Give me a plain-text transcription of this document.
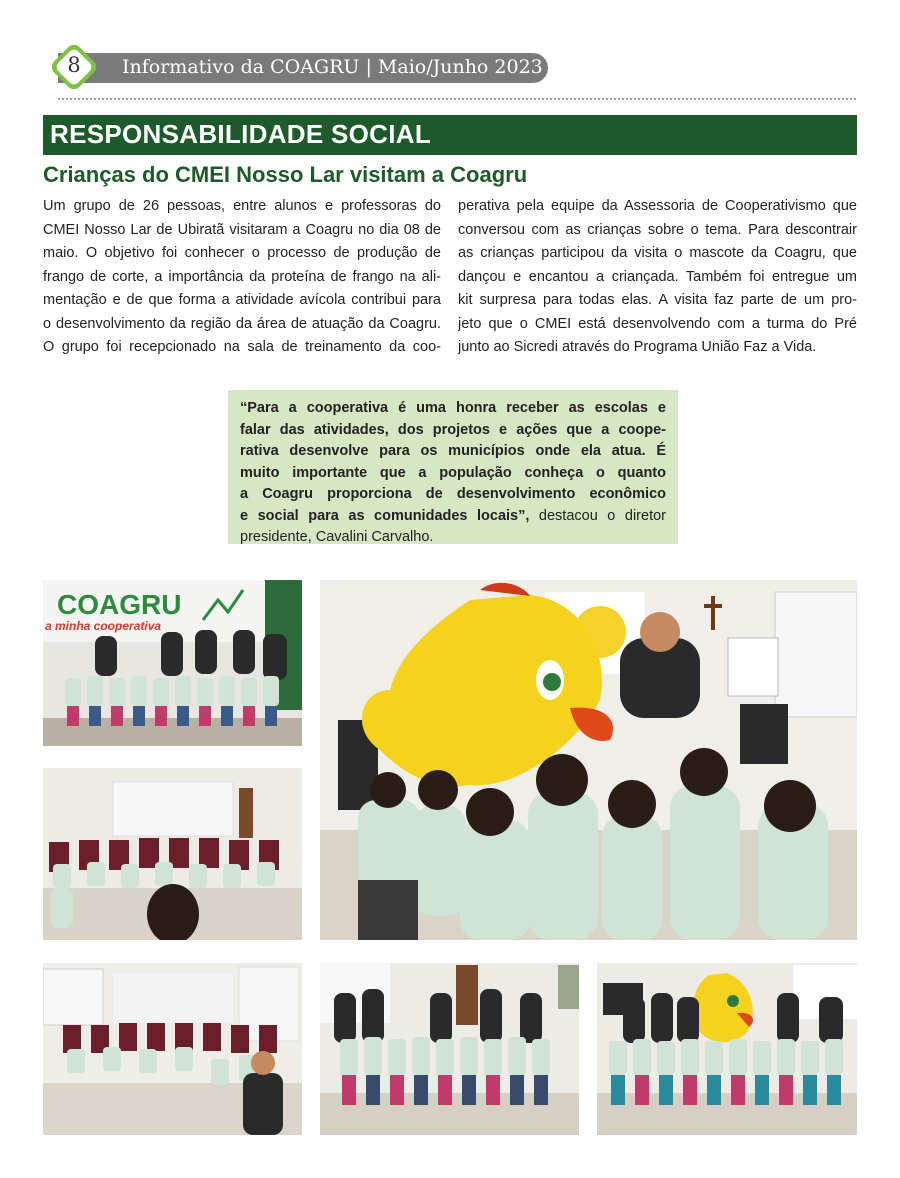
Informativo da COAGRU | Maio/Junho 2023
8
RESPONSABILIDADE SOCIAL
Crianças do CMEI Nosso Lar visitam a Coagru
Um grupo de 26 pessoas, entre alunos e professoras do
CMEI Nosso Lar de Ubiratã visitaram a Coagru no dia 08 de
maio. O objetivo foi conhecer o processo de produção de
frango de corte, a importância da proteína de frango na ali-
mentação e de que forma a atividade avícola contribui para
o desenvolvimento da região da área de atuação da Coagru.
O grupo foi recepcionado na sala de treinamento da coo-
perativa pela equipe da Assessoria de Cooperativismo que
conversou com as crianças sobre o tema. Para descontrair
as crianças participou da visita o mascote da Coagru, que
dançou e encantou a criançada. Também foi entregue um
kit surpresa para todas elas. A visita faz parte de um pro-
jeto que o CMEI está desenvolvendo com a turma do Pré
junto ao Sicredi através do Programa União Faz a Vida.
“Para a cooperativa é uma honra receber as escolas e
falar das atividades, dos projetos e ações que a coope-
rativa desenvolve para os municípios onde ela atua. É
muito importante que a população conheça o quanto
a Coagru proporciona de desenvolvimento econômico
e social para as comunidades locais”, destacou o diretor
presidente, Cavalini Carvalho.
COAGRU
a minha cooperativa
